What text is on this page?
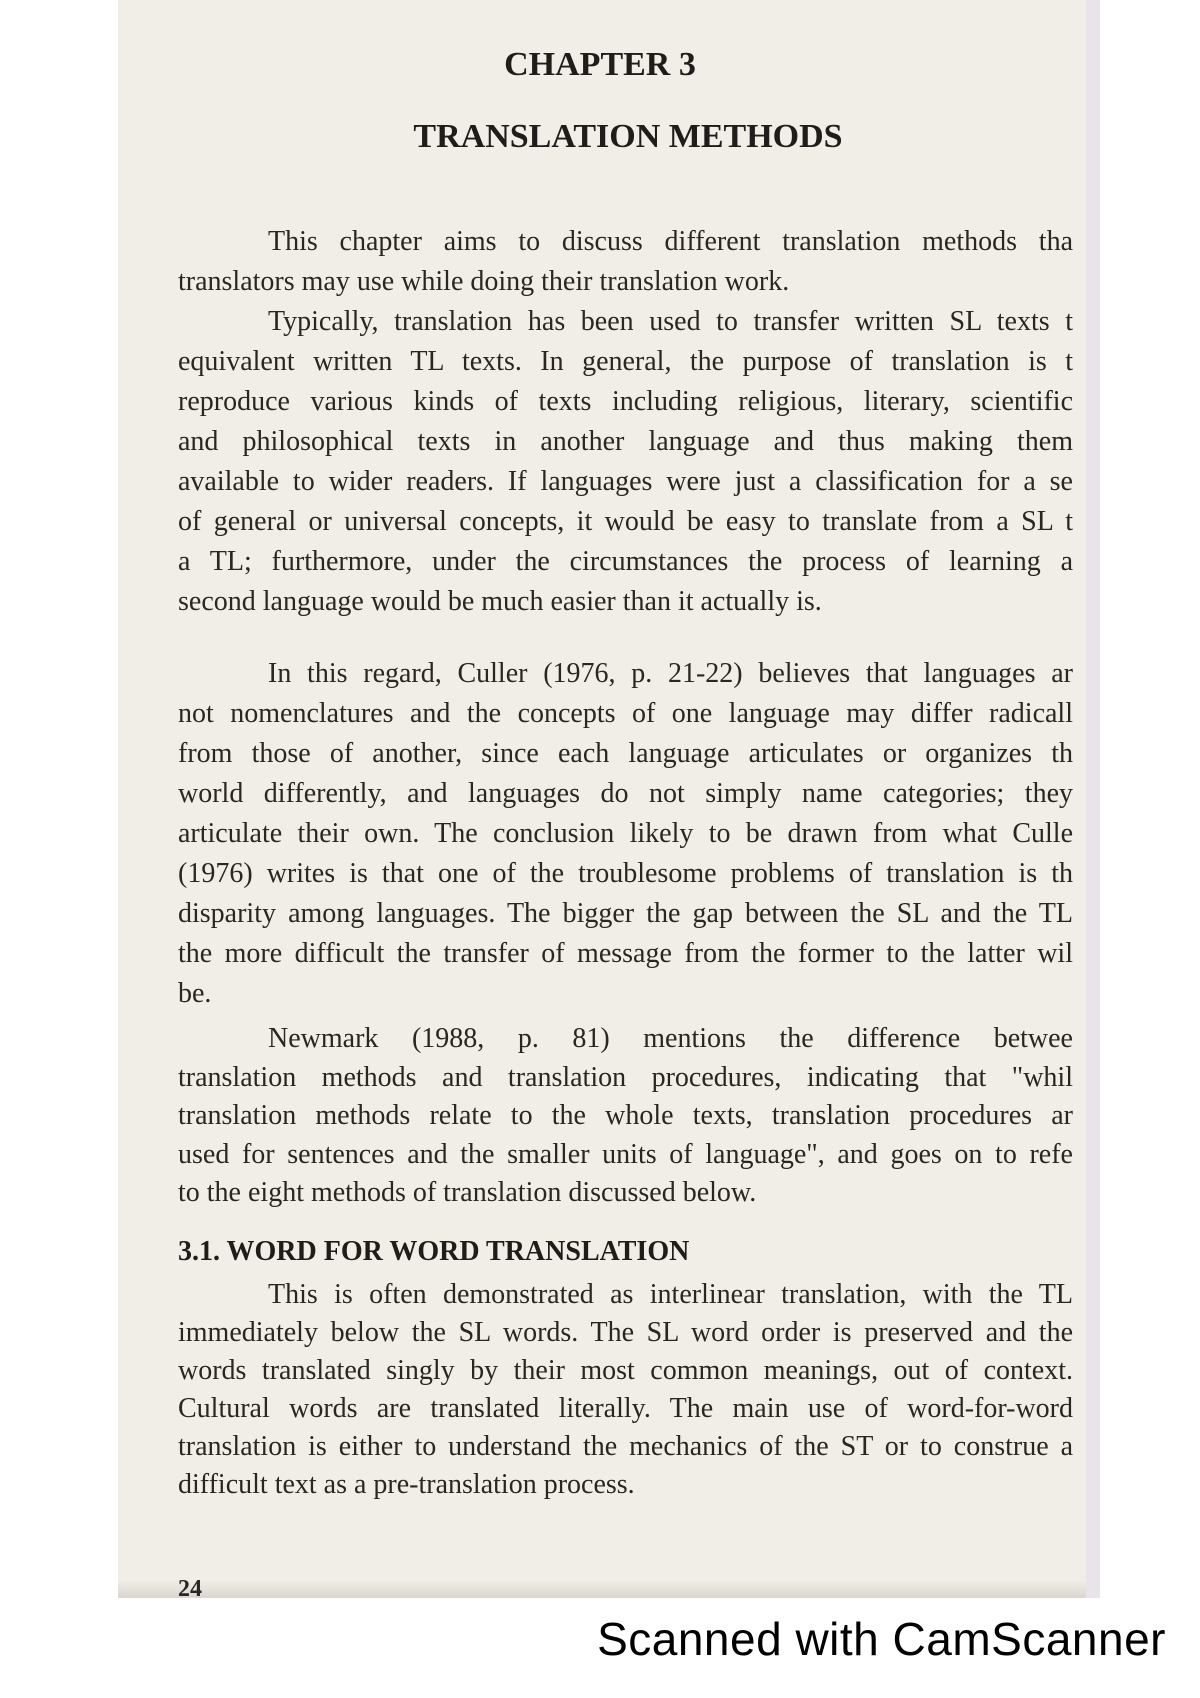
CHAPTER 3
TRANSLATION METHODS
This chapter aims to discuss different translation methods tha
translators may use while doing their translation work.
Typically, translation has been used to transfer written SL texts t
equivalent written TL texts. In general, the purpose of translation is t
reproduce various kinds of texts including religious, literary, scientific
and philosophical texts in another language and thus making them
available to wider readers. If languages were just a classification for a se
of general or universal concepts, it would be easy to translate from a SL t
a TL; furthermore, under the circumstances the process of learning a
second language would be much easier than it actually is.
In this regard, Culler (1976, p. 21-22) believes that languages ar
not nomenclatures and the concepts of one language may differ radicall
from those of another, since each language articulates or organizes th
world differently, and languages do not simply name categories; they
articulate their own. The conclusion likely to be drawn from what Culle
(1976) writes is that one of the troublesome problems of translation is th
disparity among languages. The bigger the gap between the SL and the TL
the more difficult the transfer of message from the former to the latter wil
be.
Newmark (1988, p. 81) mentions the difference betwee
translation methods and translation procedures, indicating that "whil
translation methods relate to the whole texts, translation procedures ar
used for sentences and the smaller units of language", and goes on to refe
to the eight methods of translation discussed below.
3.1. WORD FOR WORD TRANSLATION
This is often demonstrated as interlinear translation, with the TL
immediately below the SL words. The SL word order is preserved and the
words translated singly by their most common meanings, out of context.
Cultural words are translated literally. The main use of word-for-word
translation is either to understand the mechanics of the ST or to construe a
difficult text as a pre-translation process.
24
Scanned with CamScanner
